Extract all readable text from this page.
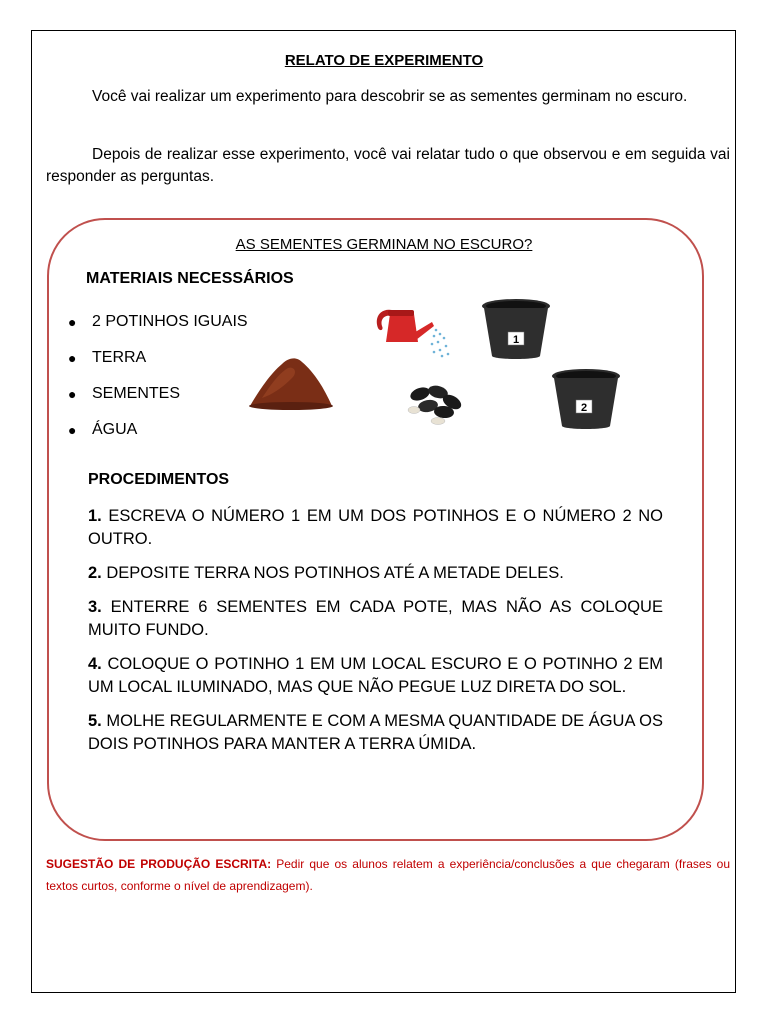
RELATO DE EXPERIMENTO

Você vai realizar um experimento para descobrir se as sementes germinam no escuro.

Depois de realizar esse experimento, você vai relatar tudo o que observou e em seguida vai responder as perguntas.

AS SEMENTES GERMINAM NO ESCURO?
MATERIAIS NECESSÁRIOS
● 2 POTINHOS IGUAIS
● TERRA
● SEMENTES
● ÁGUA
1
2
PROCEDIMENTOS

1. ESCREVA O NÚMERO 1 EM UM DOS POTINHOS E O NÚMERO 2 NO OUTRO.

2. DEPOSITE TERRA NOS POTINHOS ATÉ A METADE DELES.

3. ENTERRE 6 SEMENTES EM CADA POTE, MAS NÃO AS COLOQUE MUITO FUNDO.

4. COLOQUE O POTINHO 1 EM UM LOCAL ESCURO E O POTINHO 2 EM UM LOCAL ILUMINADO, MAS QUE NÃO PEGUE LUZ DIRETA DO SOL.

5. MOLHE REGULARMENTE E COM A MESMA QUANTIDADE DE ÁGUA OS DOIS POTINHOS PARA MANTER A TERRA ÚMIDA.

SUGESTÃO DE PRODUÇÃO ESCRITA: Pedir que os alunos relatem a experiência/conclusões a que chegaram (frases ou textos curtos, conforme o nível de aprendizagem).
